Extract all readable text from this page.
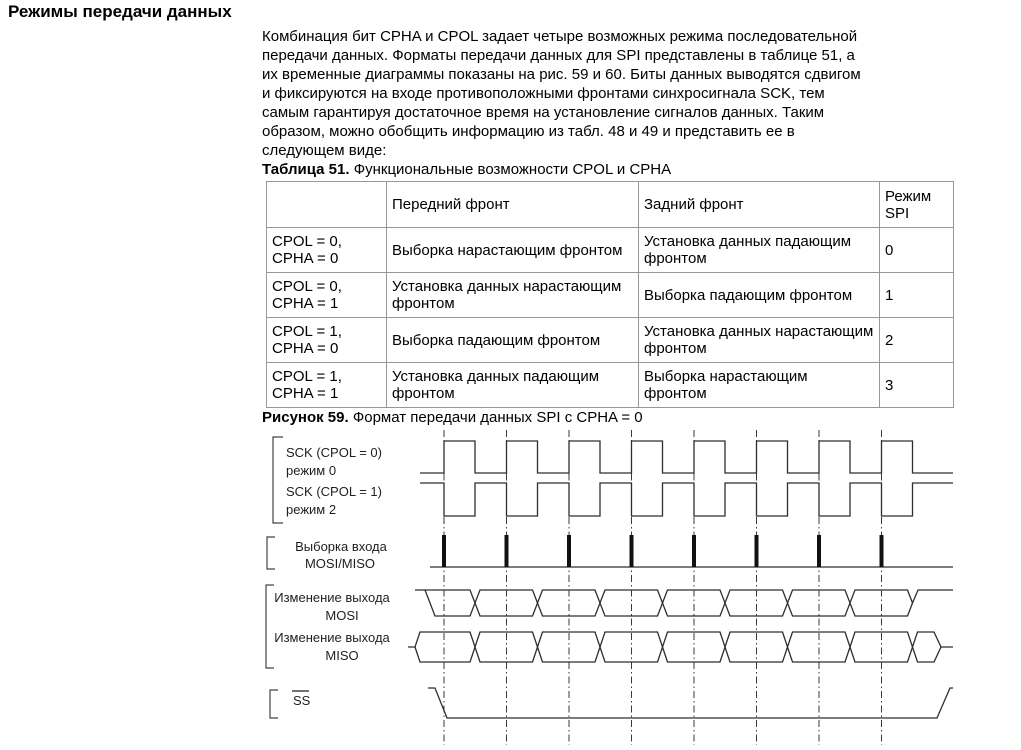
Режимы передачи данных

Комбинация бит CPHA и CPOL задает четыре возможных режима последовательной
передачи данных. Форматы передачи данных для SPI представлены в таблице 51, а
их временные диаграммы показаны на рис. 59 и 60. Биты данных выводятся сдвигом
и фиксируются на входе противоположными фронтами синхросигнала SCK, тем
самым гарантируя достаточное время на установление сигналов данных. Таким
образом, можно обобщить информацию из табл. 48 и 49 и представить ее в
следующем виде:

Таблица 51. Функциональные возможности CPOL и CPHA

	Передний фронт	Задний фронт	Режим SPI
CPOL = 0, CPHA = 0	Выборка нарастающим фронтом	Установка данных падающим фронтом	0
CPOL = 0, CPHA = 1	Установка данных нарастающим фронтом	Выборка падающим фронтом	1
CPOL = 1, CPHA = 0	Выборка падающим фронтом	Установка данных нарастающим фронтом	2
CPOL = 1, CPHA = 1	Установка данных падающим фронтом	Выборка нарастающим фронтом	3

Рисунок 59. Формат передачи данных SPI с CPHA = 0

SCK (CPOL = 0)
режим 0
SCK (CPOL = 1)
режим 2
Выборка входа
MOSI/MISO
Изменение выхода
MOSI
Изменение выхода
MISO
SS
